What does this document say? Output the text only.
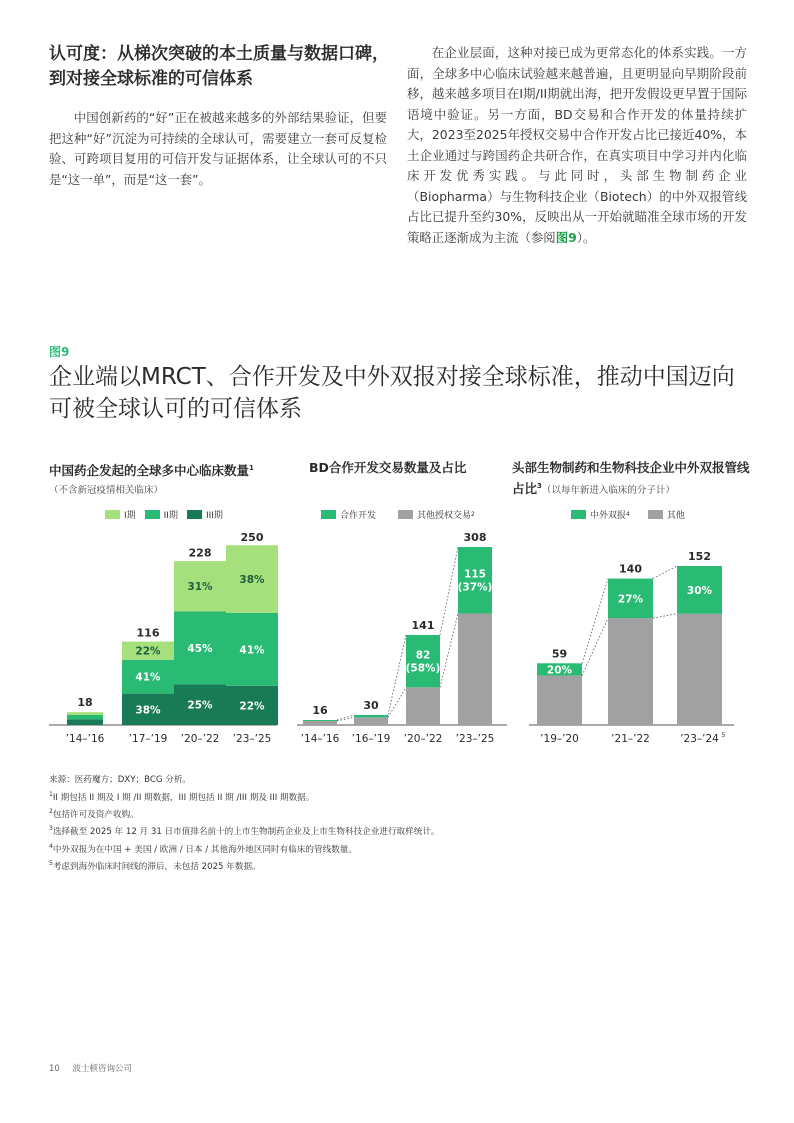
认可度：从梯次突破的本土质量与数据口碑，到对接全球标准的可信体系

中国创新药的“好”正在被越来越多的外部结果验证，但要把这种“好”沉淀为可持续的全球认可，需要建立一套可反复检验、可跨项目复用的可信开发与证据体系，让全球认可的不只是“这一单”，而是“这一套”。

在企业层面，这种对接已成为更常态化的体系实践。一方面，全球多中心临床试验越来越普遍，且更明显向早期阶段前移，越来越多项目在I期/II期就出海，把开发假设更早置于国际语境中验证。另一方面，BD交易和合作开发的体量持续扩大，2023至2025年授权交易中合作开发占比已接近40%，本土企业通过与跨国药企共研合作，在真实项目中学习并内化临床开发优秀实践。与此同时，头部生物制药企业（Biopharma）与生物科技企业（Biotech）的中外双报管线占比已提升至约30%，反映出从一开始就瞄准全球市场的开发策略正逐渐成为主流（参阅图9）。

图9
企业端以MRCT、合作开发及中外双报对接全球标准，推动中国迈向可被全球认可的可信体系
中国药企发起的全球多中心临床数量$^1$
（不含新冠疫情相关临床）
I期	II期	III期
BD合作开发交易数量及占比
合作开发	其他授权交易 2
头部生物制药和生物科技企业中外双报管线占比$^3$（以每年新进入临床的分子计）
中外双报 4	其他
18
’14–’16
38%
41%
22%
116
’17–’19
25%
45%
31%
228
’20–’22
22%
41%
38%
250
’23–’25
16
’14–’16
30
’16–’19
82 (58%)
141
’20–’22
115 (37%)
308
’23–’25
20%
59
’19–’20
27%
140
’21–’22
30%
152
’23–’24 5
来源：医药魔方；DXY；BCG 分析。
$^1$II 期包括 II 期及 I 期 /II 期数据，III 期包括 II 期 /III 期及 III 期数据。
$^2$包括许可及资产收购。
$^3$选择截至 2025 年 12 月 31 日市值排名前十的上市生物制药企业及上市生物科技企业进行取样统计。
$^4$中外双报为在中国 + 美国 / 欧洲 / 日本 / 其他海外地区同时有临床的管线数量。
$^5$考虑到海外临床时间线的滞后，未包括 2025 年数据。
10 波士顿咨询公司
